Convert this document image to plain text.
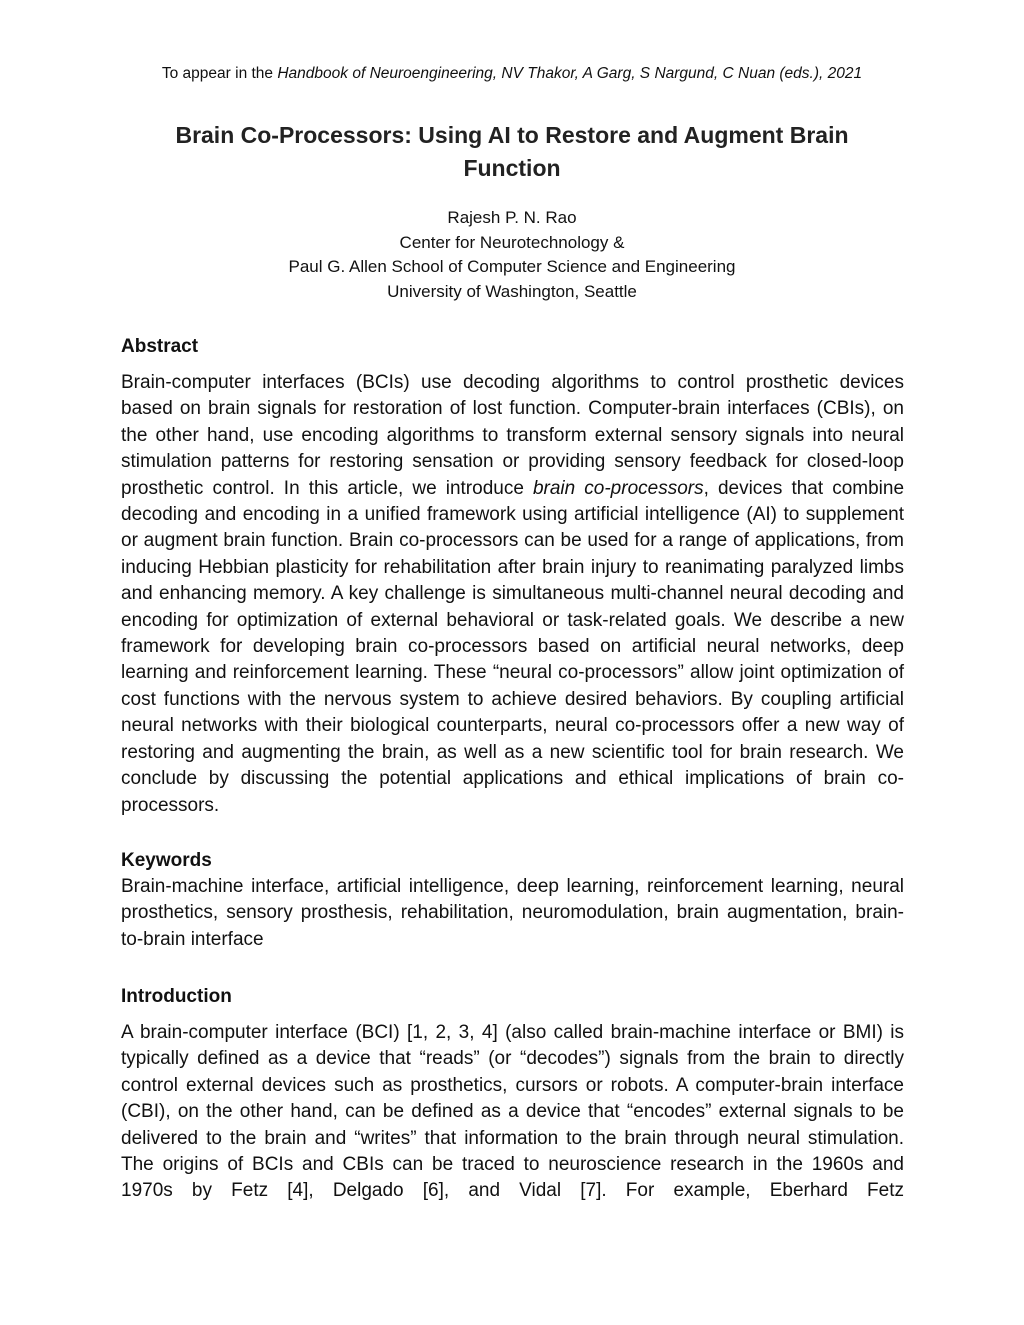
To appear in the Handbook of Neuroengineering, NV Thakor, A Garg, S Nargund, C Nuan (eds.), 2021
Brain Co-Processors: Using AI to Restore and Augment Brain Function
Rajesh P. N. Rao
Center for Neurotechnology &
Paul G. Allen School of Computer Science and Engineering
University of Washington, Seattle
Abstract
Brain-computer interfaces (BCIs) use decoding algorithms to control prosthetic devices based on brain signals for restoration of lost function. Computer-brain interfaces (CBIs), on the other hand, use encoding algorithms to transform external sensory signals into neural stimulation patterns for restoring sensation or providing sensory feedback for closed-loop prosthetic control. In this article, we introduce brain co-processors, devices that combine decoding and encoding in a unified framework using artificial intelligence (AI) to supplement or augment brain function. Brain co-processors can be used for a range of applications, from inducing Hebbian plasticity for rehabilitation after brain injury to reanimating paralyzed limbs and enhancing memory. A key challenge is simultaneous multi-channel neural decoding and encoding for optimization of external behavioral or task-related goals. We describe a new framework for developing brain co-processors based on artificial neural networks, deep learning and reinforcement learning. These “neural co-processors” allow joint optimization of cost functions with the nervous system to achieve desired behaviors. By coupling artificial neural networks with their biological counterparts, neural co-processors offer a new way of restoring and augmenting the brain, as well as a new scientific tool for brain research. We conclude by discussing the potential applications and ethical implications of brain co-processors.
Keywords
Brain-machine interface, artificial intelligence, deep learning, reinforcement learning, neural prosthetics, sensory prosthesis, rehabilitation, neuromodulation, brain augmentation, brain-to-brain interface
Introduction
A brain-computer interface (BCI) [1, 2, 3, 4] (also called brain-machine interface or BMI) is typically defined as a device that “reads” (or “decodes”) signals from the brain to directly control external devices such as prosthetics, cursors or robots. A computer-brain interface (CBI), on the other hand, can be defined as a device that “encodes” external signals to be delivered to the brain and “writes” that information to the brain through neural stimulation. The origins of BCIs and CBIs can be traced to neuroscience research in the 1960s and 1970s by Fetz [4], Delgado [6], and Vidal [7]. For example, Eberhard Fetz
